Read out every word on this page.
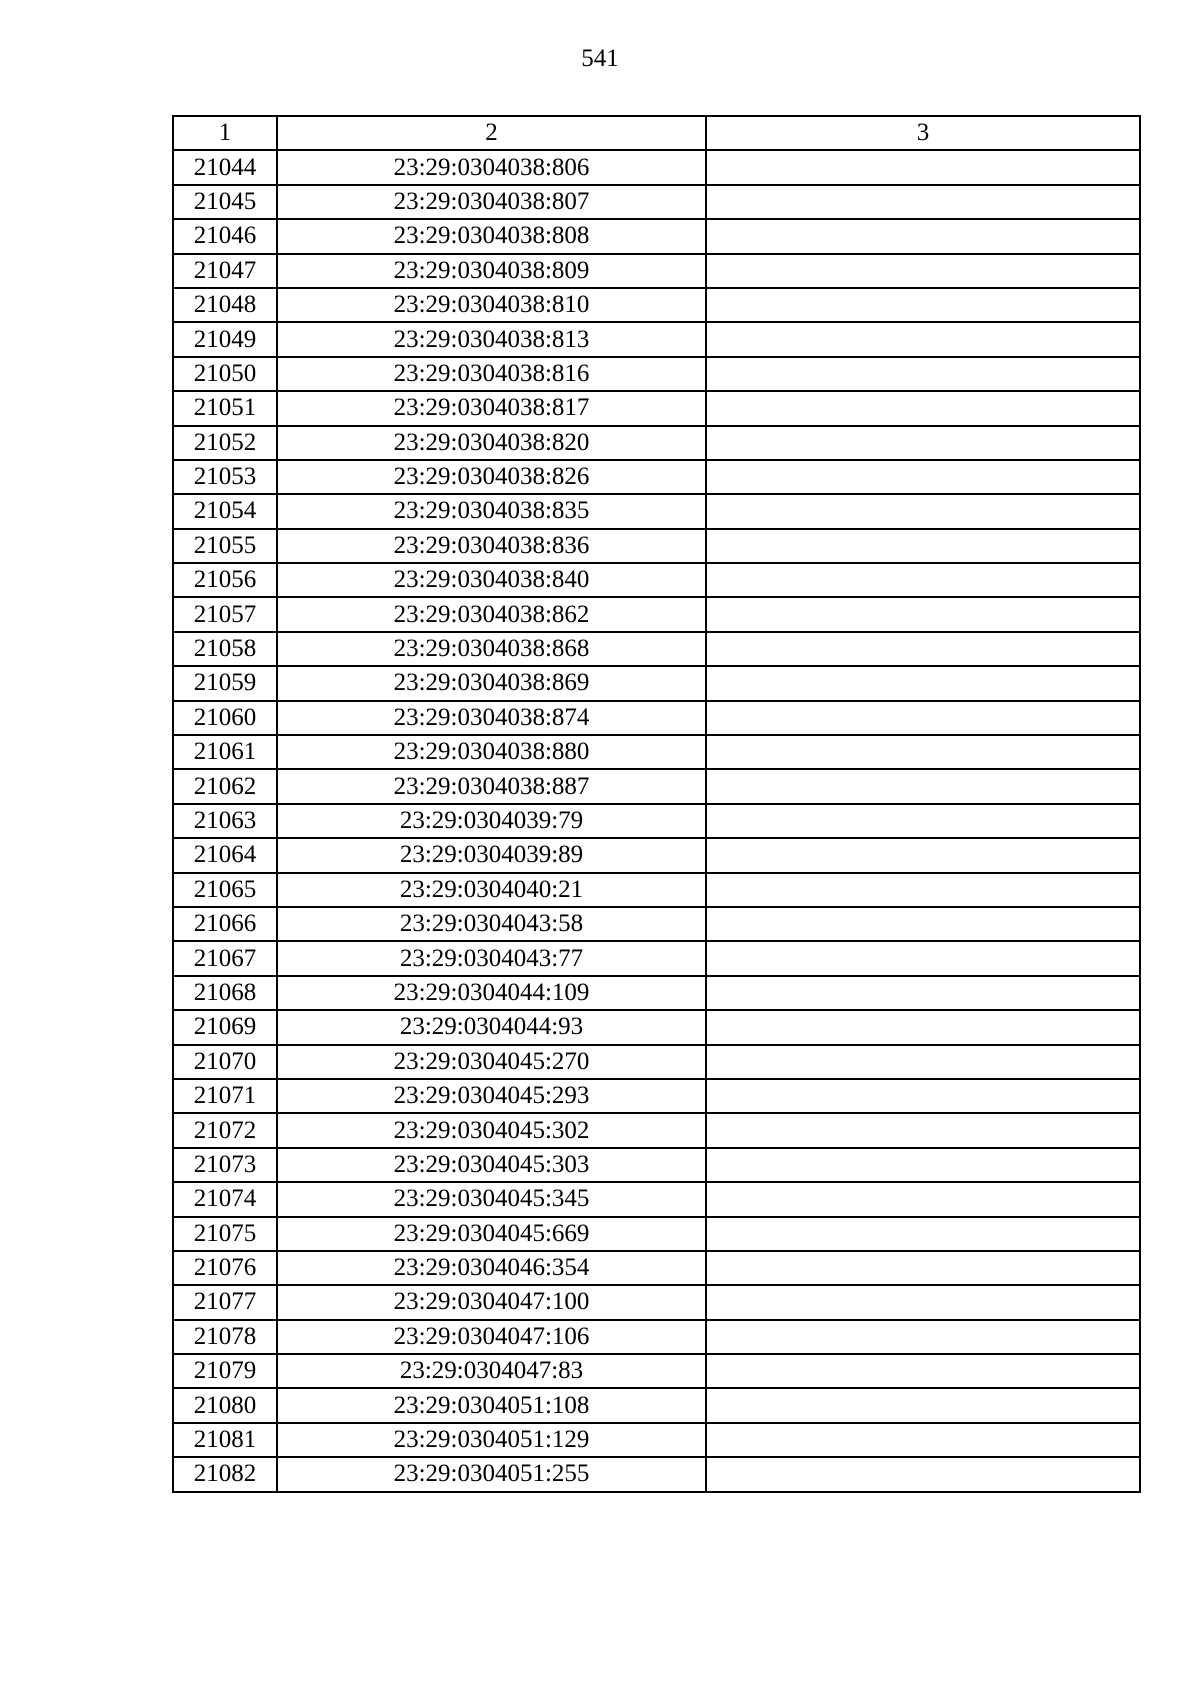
541
1	2	3
21044	23:29:0304038:806	
21045	23:29:0304038:807	
21046	23:29:0304038:808	
21047	23:29:0304038:809	
21048	23:29:0304038:810	
21049	23:29:0304038:813	
21050	23:29:0304038:816	
21051	23:29:0304038:817	
21052	23:29:0304038:820	
21053	23:29:0304038:826	
21054	23:29:0304038:835	
21055	23:29:0304038:836	
21056	23:29:0304038:840	
21057	23:29:0304038:862	
21058	23:29:0304038:868	
21059	23:29:0304038:869	
21060	23:29:0304038:874	
21061	23:29:0304038:880	
21062	23:29:0304038:887	
21063	23:29:0304039:79	
21064	23:29:0304039:89	
21065	23:29:0304040:21	
21066	23:29:0304043:58	
21067	23:29:0304043:77	
21068	23:29:0304044:109	
21069	23:29:0304044:93	
21070	23:29:0304045:270	
21071	23:29:0304045:293	
21072	23:29:0304045:302	
21073	23:29:0304045:303	
21074	23:29:0304045:345	
21075	23:29:0304045:669	
21076	23:29:0304046:354	
21077	23:29:0304047:100	
21078	23:29:0304047:106	
21079	23:29:0304047:83	
21080	23:29:0304051:108	
21081	23:29:0304051:129	
21082	23:29:0304051:255	
